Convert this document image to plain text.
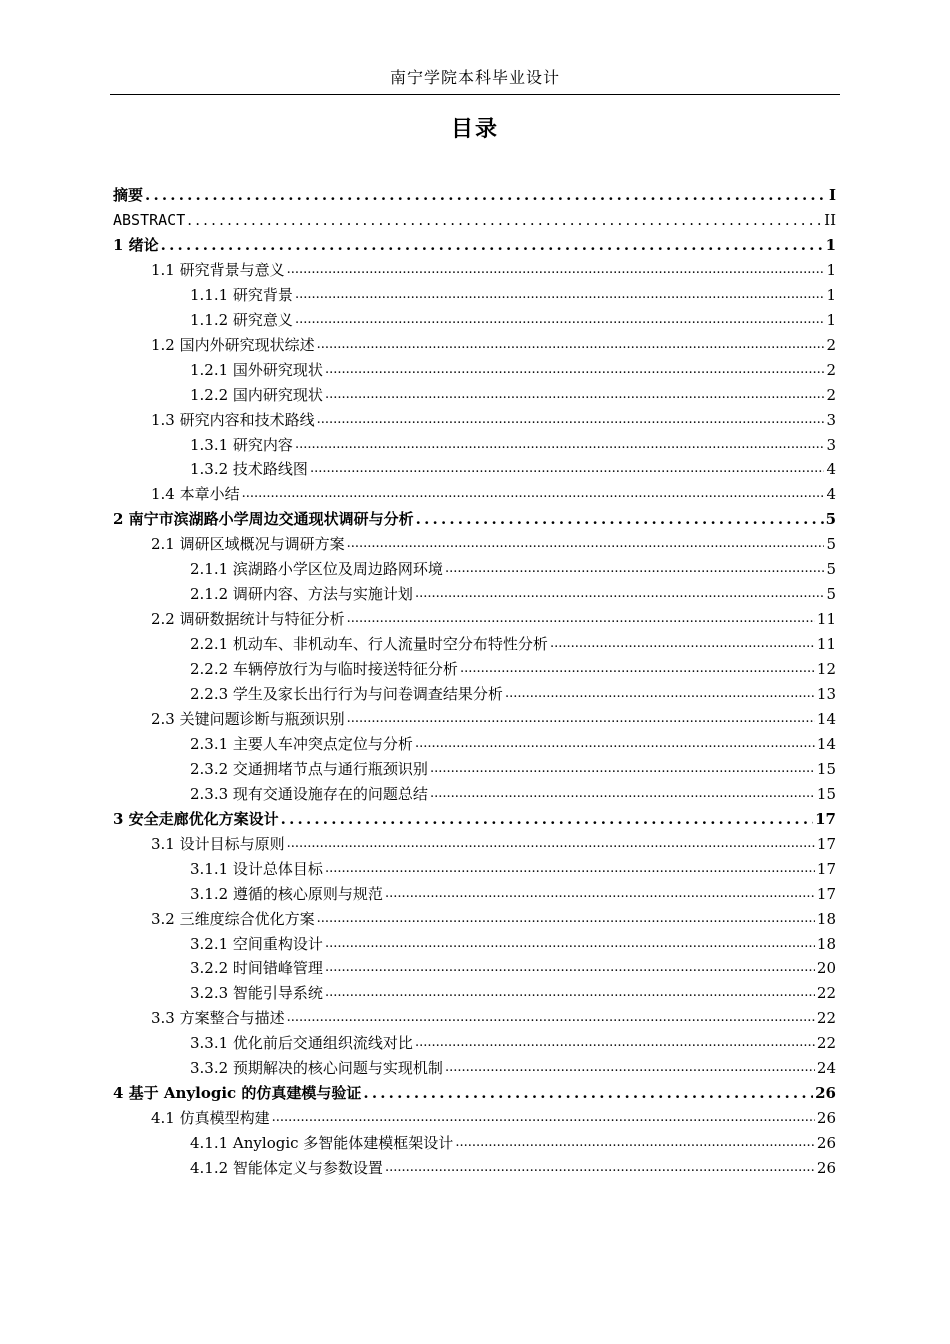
南宁学院本科毕业设计
目录
摘要 .....	I
ABSTRACT .....	II
1 绪论 .....	1
1.1 研究背景与意义 .....	1
1.1.1 研究背景 .....	1
1.1.2 研究意义 .....	1
1.2 国内外研究现状综述 .....	2
1.2.1 国外研究现状 .....	2
1.2.2 国内研究现状 .....	2
1.3 研究内容和技术路线 .....	3
1.3.1 研究内容 .....	3
1.3.2 技术路线图 .....	4
1.4 本章小结 .....	4
2 南宁市滨湖路小学周边交通现状调研与分析 .....	5
2.1 调研区域概况与调研方案 .....	5
2.1.1 滨湖路小学区位及周边路网环境 .....	5
2.1.2 调研内容、方法与实施计划 .....	5
2.2 调研数据统计与特征分析 .....	11
2.2.1 机动车、非机动车、行人流量时空分布特性分析 .....	11
2.2.2 车辆停放行为与临时接送特征分析 .....	12
2.2.3 学生及家长出行行为与问卷调查结果分析 .....	13
2.3 关键问题诊断与瓶颈识别 .....	14
2.3.1 主要人车冲突点定位与分析 .....	14
2.3.2 交通拥堵节点与通行瓶颈识别 .....	15
2.3.3 现有交通设施存在的问题总结 .....	15
3 安全走廊优化方案设计 .....	17
3.1 设计目标与原则 .....	17
3.1.1 设计总体目标 .....	17
3.1.2 遵循的核心原则与规范 .....	17
3.2 三维度综合优化方案 .....	18
3.2.1 空间重构设计 .....	18
3.2.2 时间错峰管理 .....	20
3.2.3 智能引导系统 .....	22
3.3 方案整合与描述 .....	22
3.3.1 优化前后交通组织流线对比 .....	22
3.3.2 预期解决的核心问题与实现机制 .....	24
4 基于 Anylogic 的仿真建模与验证 .....	26
4.1 仿真模型构建 .....	26
4.1.1 Anylogic 多智能体建模框架设计 .....	26
4.1.2 智能体定义与参数设置 .....	26
